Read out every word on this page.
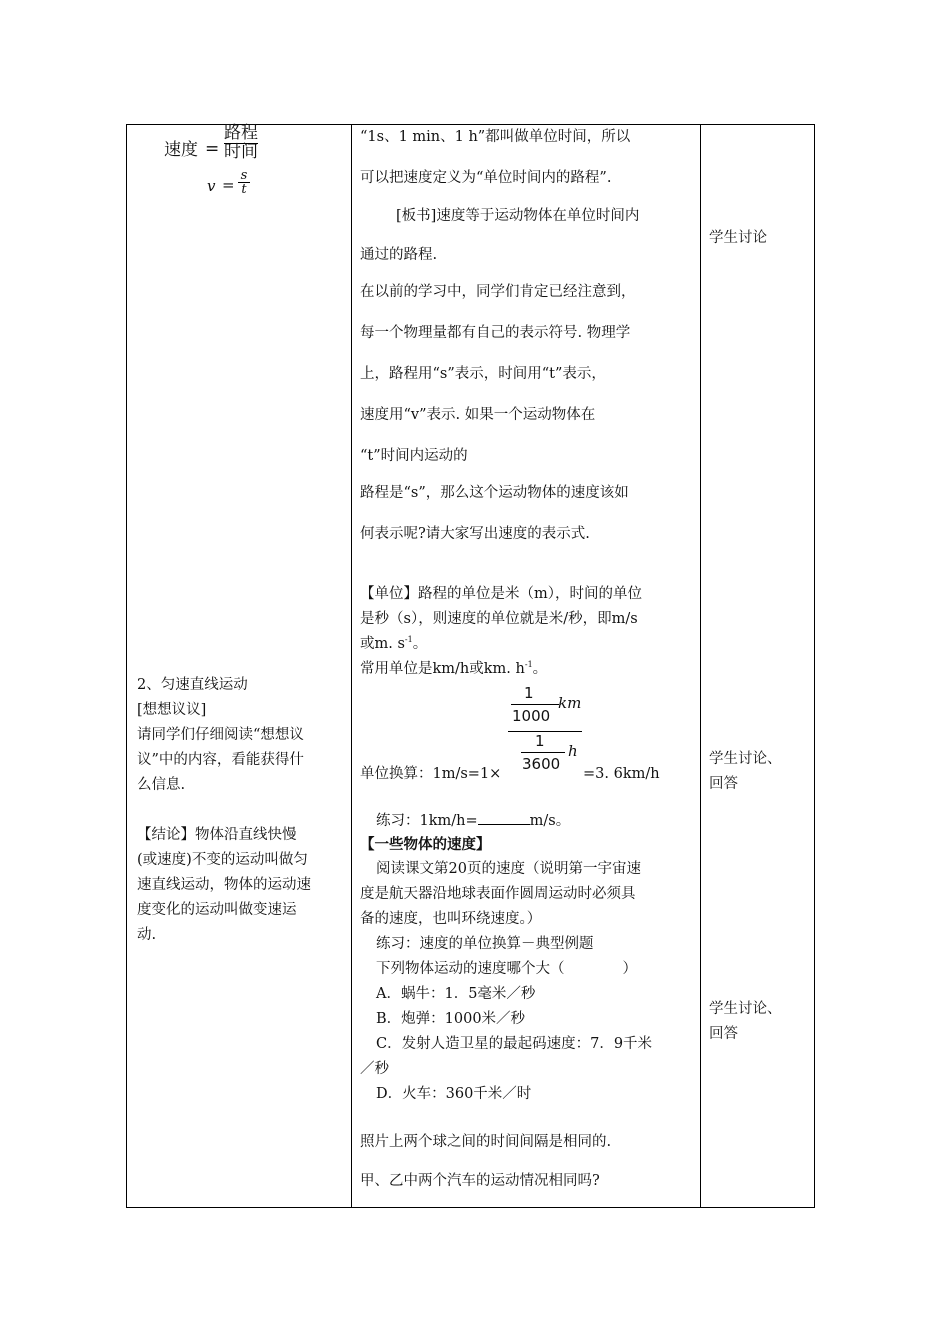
速度 =
路程
时间
v =
s
t
2、匀速直线运动
[想想议议]
请同学们仔细阅读“想想议
议”中的内容，看能获得什
么信息.
【结论】物体沿直线快慢
(或速度)不变的运动叫做匀
速直线运动，物体的运动速
度变化的运动叫做变速运
动.
“1s、1 min、1 h”都叫做单位时间，所以
可以把速度定义为“单位时间内的路程”.
[板书]速度等于运动物体在单位时间内
通过的路程.
在以前的学习中，同学们肯定已经注意到，
每一个物理量都有自己的表示符号. 物理学
上，路程用“s”表示，时间用“t”表示，
速度用“v”表示. 如果一个运动物体在
“t”时间内运动的
路程是“s”，那么这个运动物体的速度该如
何表示呢?请大家写出速度的表示式.
【单位】路程的单位是米（m），时间的单位
是秒（s），则速度的单位就是米/秒，即m/s
或m. $s^{-1}$。
常用单位是km/h或km. $h^{-1}$。
单位换算：1m/s=1×	=3. 6km/h
1
1000
km
1
3600
h
练习：1km/h=	m/s。
【一些物体的速度】
阅读课文第20页的速度（说明第一宇宙速
度是航天器沿地球表面作圆周运动时必须具
备的速度，也叫环绕速度。）
练习：速度的单位换算－典型例题
下列物体运动的速度哪个大（　　　　）
A．蜗牛：1．5毫米／秒
B．炮弹：1000米／秒
C．发射人造卫星的最起码速度：7．9千米
／秒
D．火车：360千米／时
照片上两个球之间的时间间隔是相同的.
甲、乙中两个汽车的运动情况相同吗?
学生讨论
学生讨论、
回答
学生讨论、
回答
